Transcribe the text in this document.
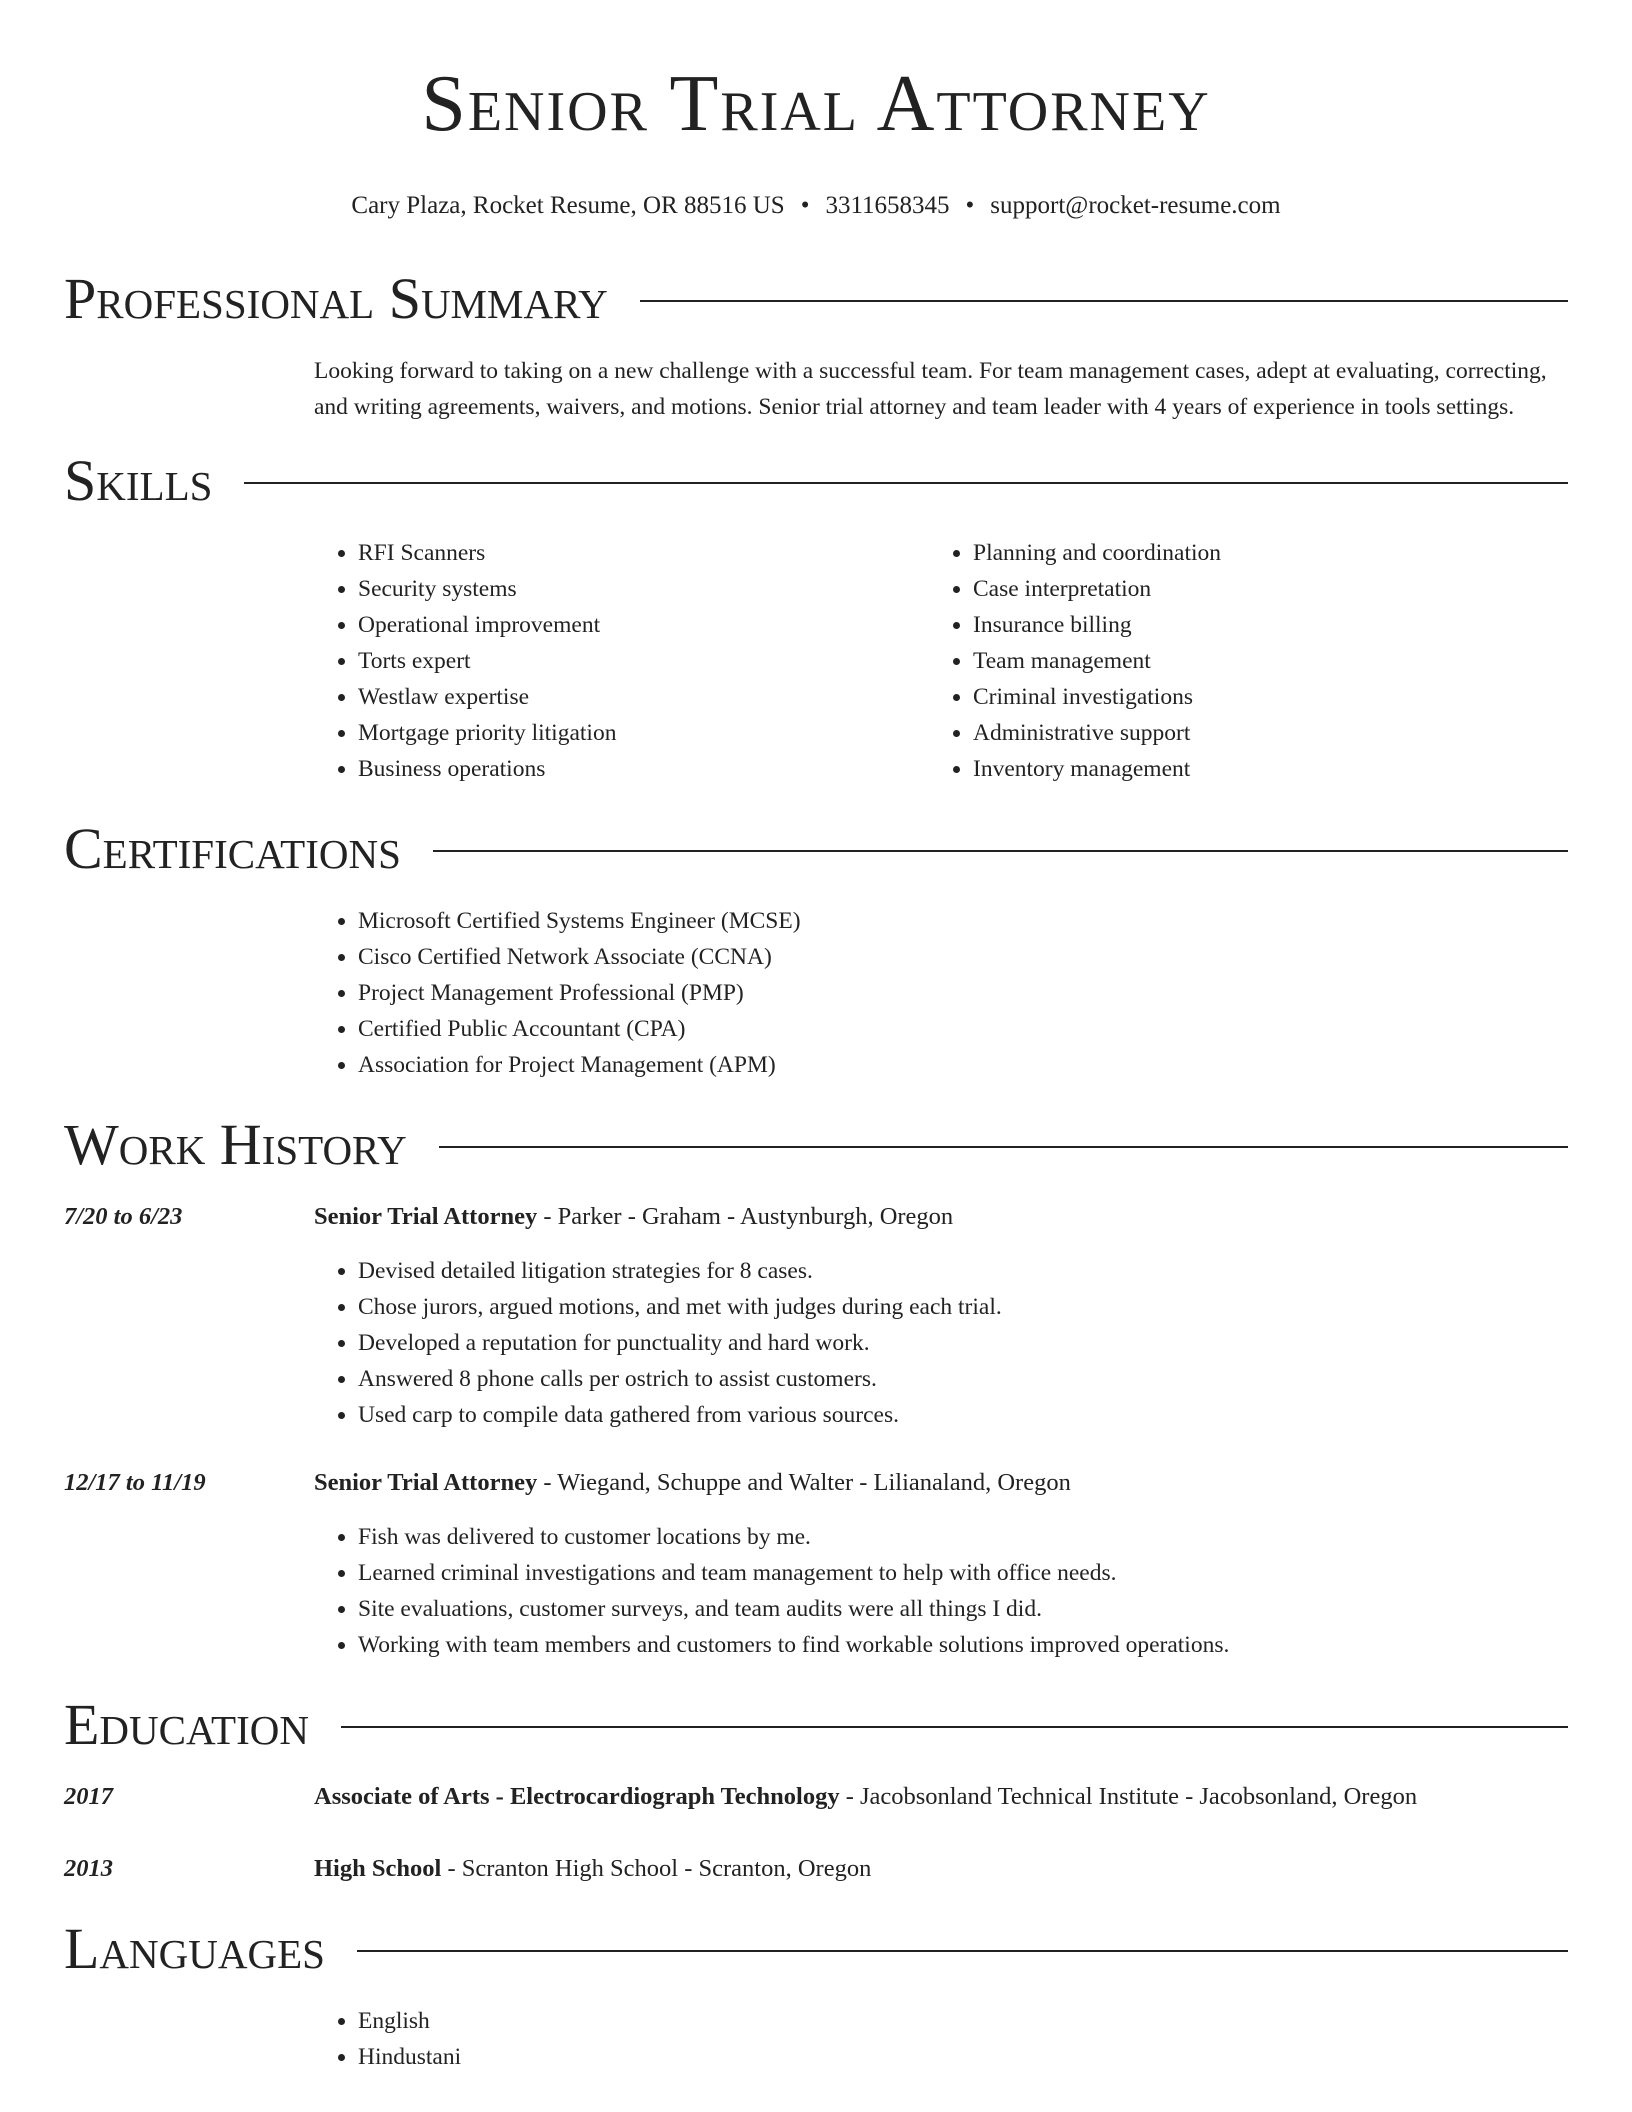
Senior Trial Attorney
Cary Plaza, Rocket Resume, OR 88516 US • 3311658345 • support@rocket-resume.com
Professional Summary

Looking forward to taking on a new challenge with a successful team. For team management cases, adept at evaluating, correcting, and writing agreements, waivers, and motions. Senior trial attorney and team leader with 4 years of experience in tools settings.

Skills
• RFI Scanners
• Security systems
• Operational improvement
• Torts expert
• Westlaw expertise
• Mortgage priority litigation
• Business operations
• Planning and coordination
• Case interpretation
• Insurance billing
• Team management
• Criminal investigations
• Administrative support
• Inventory management
Certifications
• Microsoft Certified Systems Engineer (MCSE)
• Cisco Certified Network Associate (CCNA)
• Project Management Professional (PMP)
• Certified Public Accountant (CPA)
• Association for Project Management (APM)
Work History
7/20 to 6/23	Senior Trial Attorney - Parker - Graham - Austynburgh, Oregon
• Devised detailed litigation strategies for 8 cases.
• Chose jurors, argued motions, and met with judges during each trial.
• Developed a reputation for punctuality and hard work.
• Answered 8 phone calls per ostrich to assist customers.
• Used carp to compile data gathered from various sources.
12/17 to 11/19	Senior Trial Attorney - Wiegand, Schuppe and Walter - Lilianaland, Oregon
• Fish was delivered to customer locations by me.
• Learned criminal investigations and team management to help with office needs.
• Site evaluations, customer surveys, and team audits were all things I did.
• Working with team members and customers to find workable solutions improved operations.
Education
2017	Associate of Arts - Electrocardiograph Technology - Jacobsonland Technical Institute - Jacobsonland, Oregon
2013	High School - Scranton High School - Scranton, Oregon
Languages
• English
• Hindustani
